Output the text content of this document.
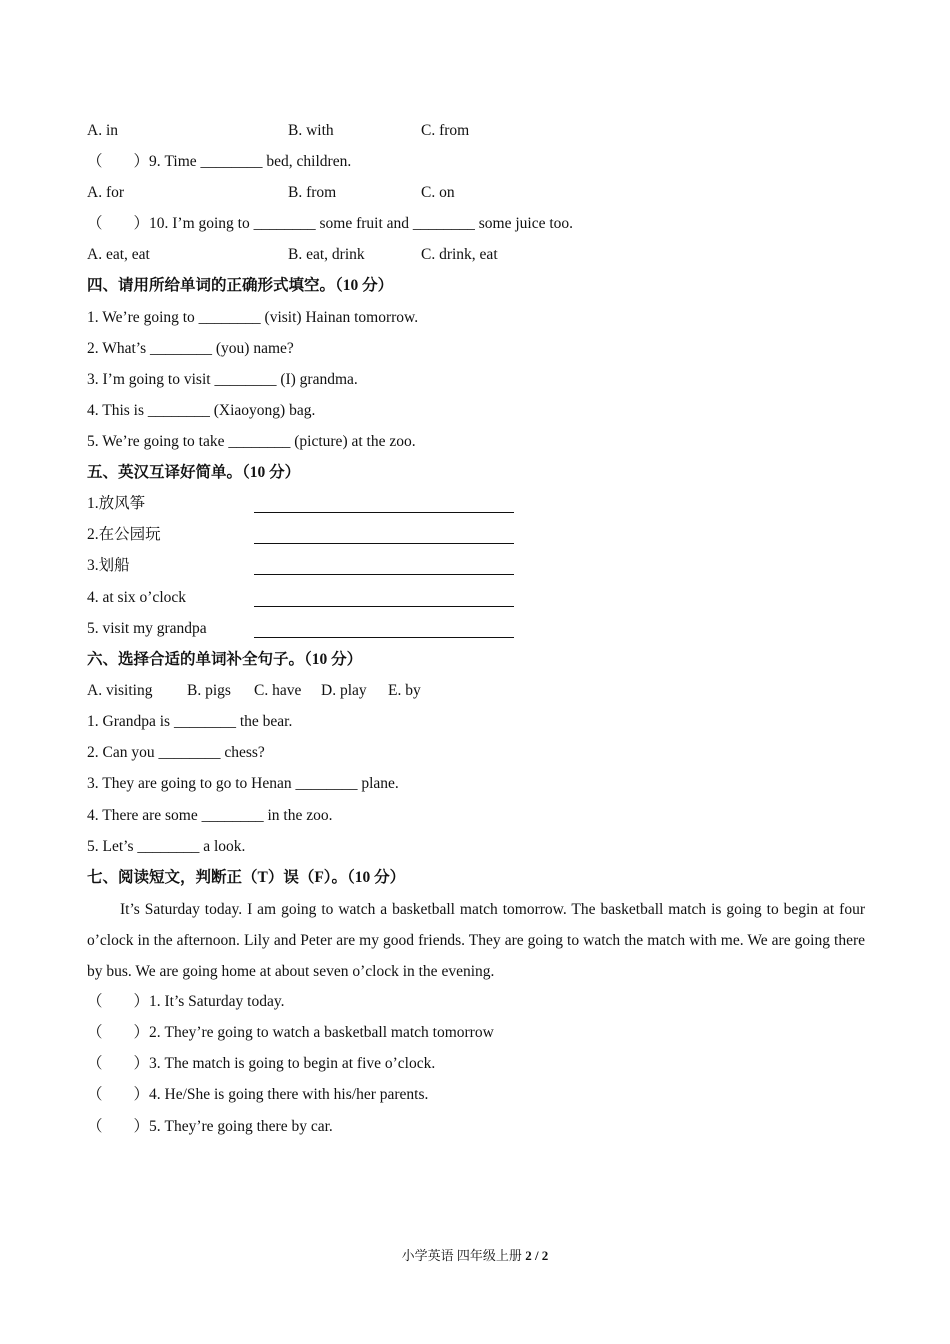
A. in	B. with	C. from
（        ）9. Time ________ bed, children.
A. for	B. from	C. on
（        ）10. I’m going to ________ some fruit and ________ some juice too.
A. eat, eat	B. eat, drink	C. drink, eat
四、请用所给单词的正确形式填空。（10 分）
1. We’re going to ________ (visit) Hainan tomorrow.
2. What’s ________ (you) name?
3. I’m going to visit ________ (I) grandma.
4. This is ________ (Xiaoyong) bag.
5. We’re going to take ________ (picture) at the zoo.
五、英汉互译好简单。（10 分）
1.放风筝
2.在公园玩
3.划船
4. at six o’clock
5. visit my grandpa
六、选择合适的单词补全句子。（10 分）
A. visiting B. pigs C. have D. play E. by
1. Grandpa is ________ the bear.
2. Can you ________ chess?
3. They are going to go to Henan ________ plane.
4. There are some ________ in the zoo.
5. Let’s ________ a look.
七、阅读短文，判断正（T）误（F）。（10 分）
It’s Saturday today. I am going to watch a basketball match tomorrow. The basketball match is going to begin at four o’clock in the afternoon. Lily and Peter are my good friends. They are going to watch the match with me. We are going there by bus. We are going home at about seven o’clock in the evening.
（        ）1. It’s Saturday today.
（        ）2. They’re going to watch a basketball match tomorrow
（        ）3. The match is going to begin at five o’clock.
（        ）4. He/She is going there with his/her parents.
（        ）5. They’re going there by car.
小学英语 四年级上册 2 / 2
